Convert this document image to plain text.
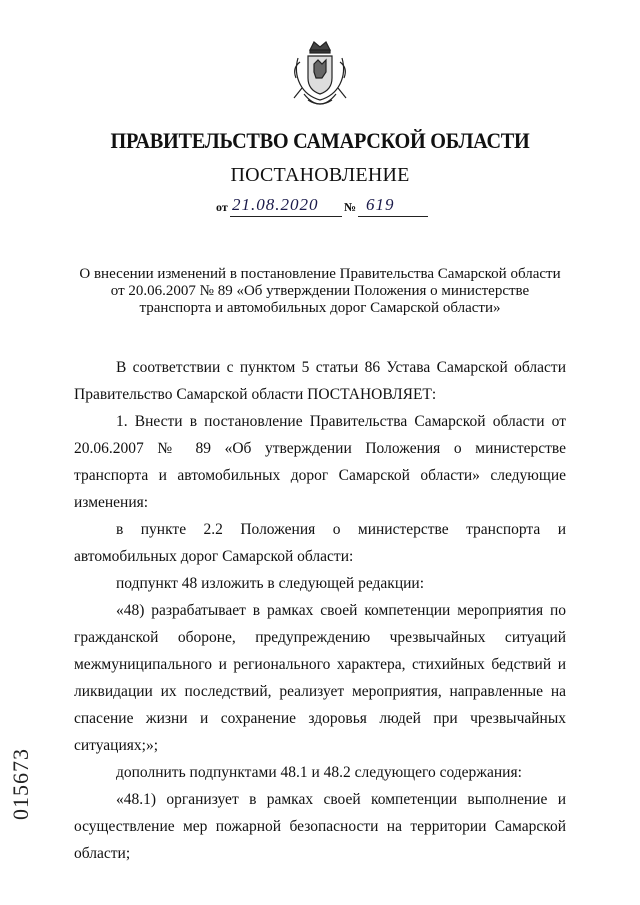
ПРАВИТЕЛЬСТВО САМАРСКОЙ ОБЛАСТИ
ПОСТАНОВЛЕНИЕ
от 21.08.2020 № 619
О внесении изменений в постановление Правительства Самарской области
от 20.06.2007 № 89 «Об утверждении Положения о министерстве
транспорта и автомобильных дорог Самарской области»

В соответствии с пунктом 5 статьи 86 Устава Самарской области Правительство Самарской области ПОСТАНОВЛЯЕТ:

1. Внести в постановление Правительства Самарской области от 20.06.2007 № 89 «Об утверждении Положения о министерстве транспорта и автомобильных дорог Самарской области» следующие изменения:

в пункте 2.2 Положения о министерстве транспорта и автомобильных дорог Самарской области:

подпункт 48 изложить в следующей редакции:

«48) разрабатывает в рамках своей компетенции мероприятия по гражданской обороне, предупреждению чрезвычайных ситуаций межмуниципального и регионального характера, стихийных бедствий и ликвидации их последствий, реализует мероприятия, направленные на спасение жизни и сохранение здоровья людей при чрезвычайных ситуациях;»;

дополнить подпунктами 48.1 и 48.2 следующего содержания:

«48.1) организует в рамках своей компетенции выполнение и осуществление мер пожарной безопасности на территории Самарской области;

015673
